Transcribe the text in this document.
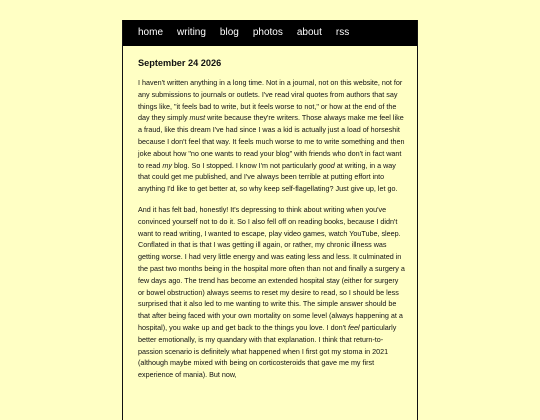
home writing blog photos about rss
September 24 2026

I haven't written anything in a long time. Not in a journal, not on this website, not for any submissions to journals or outlets. I've read viral quotes from authors that say things like, "it feels bad to write, but it feels worse to not," or how at the end of the day they simply must write because they're writers. Those always make me feel like a fraud, like this dream I've had since I was a kid is actually just a load of horseshit because I don't feel that way. It feels much worse to me to write something and then joke about how "no one wants to read your blog" with friends who don't in fact want to read my blog. So I stopped. I know I'm not particularly good at writing, in a way that could get me published, and I've always been terrible at putting effort into anything I'd like to get better at, so why keep self-flagellating? Just give up, let go.

And it has felt bad, honestly! It's depressing to think about writing when you've convinced yourself not to do it. So I also fell off on reading books, because I didn't want to read writing, I wanted to escape, play video games, watch YouTube, sleep. Conflated in that is that I was getting ill again, or rather, my chronic illness was getting worse. I had very little energy and was eating less and less. It culminated in the past two months being in the hospital more often than not and finally a surgery a few days ago. The trend has become an extended hospital stay (either for surgery or bowel obstruction) always seems to reset my desire to read, so I should be less surprised that it also led to me wanting to write this. The simple answer should be that after being faced with your own mortality on some level (always happening at a hospital), you wake up and get back to the things you love. I don't feel particularly better emotionally, is my quandary with that explanation. I think that return-to-passion scenario is definitely what happened when I first got my stoma in 2021 (although maybe mixed with being on corticosteroids that gave me my first experience of mania). But now,
